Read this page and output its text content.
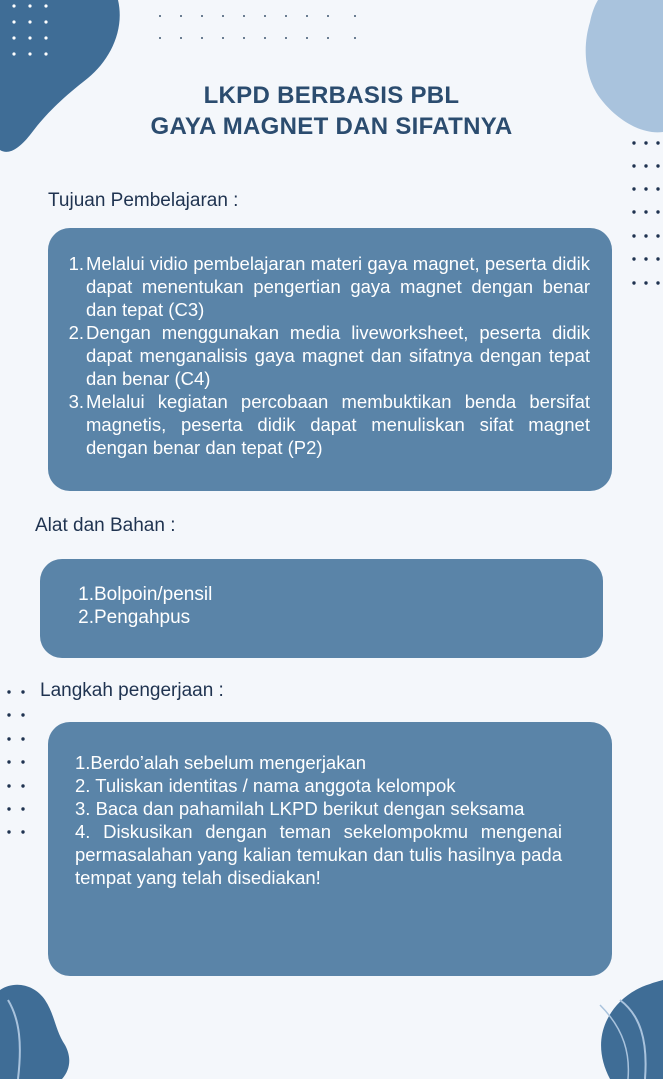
LKPD BERBASIS PBL
GAYA MAGNET DAN SIFATNYA
Tujuan Pembelajaran :
1. Melalui vidio pembelajaran materi gaya magnet, peserta didik dapat menentukan pengertian gaya magnet dengan benar dan tepat (C3)
2. Dengan menggunakan media liveworksheet, peserta didik dapat menganalisis gaya magnet dan sifatnya dengan tepat dan benar (C4)
3. Melalui kegiatan percobaan membuktikan benda bersifat magnetis, peserta didik dapat menuliskan sifat magnet dengan benar dan tepat (P2)
Alat dan Bahan :
1. Bolpoin/pensil
2. Pengahpus
Langkah pengerjaan :

1.Berdo’alah sebelum mengerjakan

2. Tuliskan identitas / nama anggota kelompok

3. Baca dan pahamilah LKPD berikut dengan seksama

4. Diskusikan dengan teman sekelompokmu mengenai permasalahan yang kalian temukan dan tulis hasilnya pada tempat yang telah disediakan!
